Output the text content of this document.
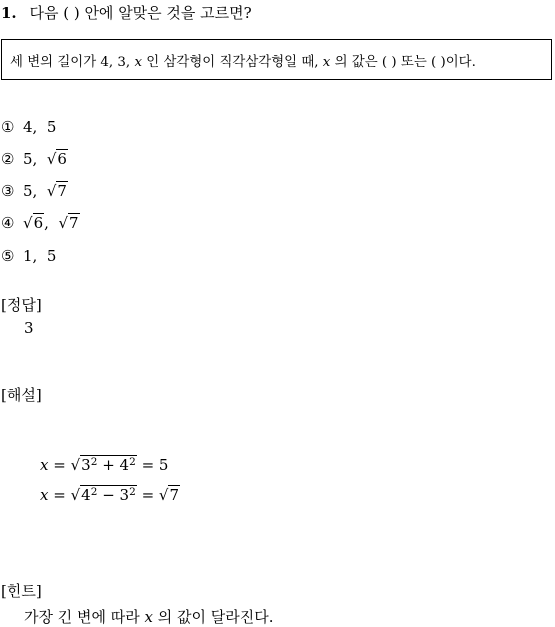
1. 다음 ( ) 안에 알맞은 것을 고르면?
세 변의 길이가 4, 3, x 인 삼각형이 직각삼각형일 때, x 의 값은 ( ) 또는 ( )이다.
① 4, 5
② 5, √6
③ 5, √7
④ √6, √7
⑤ 1, 5
[정답]
3
[해설]
$x = √3^2 + 4^2 = 5$
$x = √4^2 - 3^2 = √7$
[힌트]
가장 긴 변에 따라 x 의 값이 달라진다.
